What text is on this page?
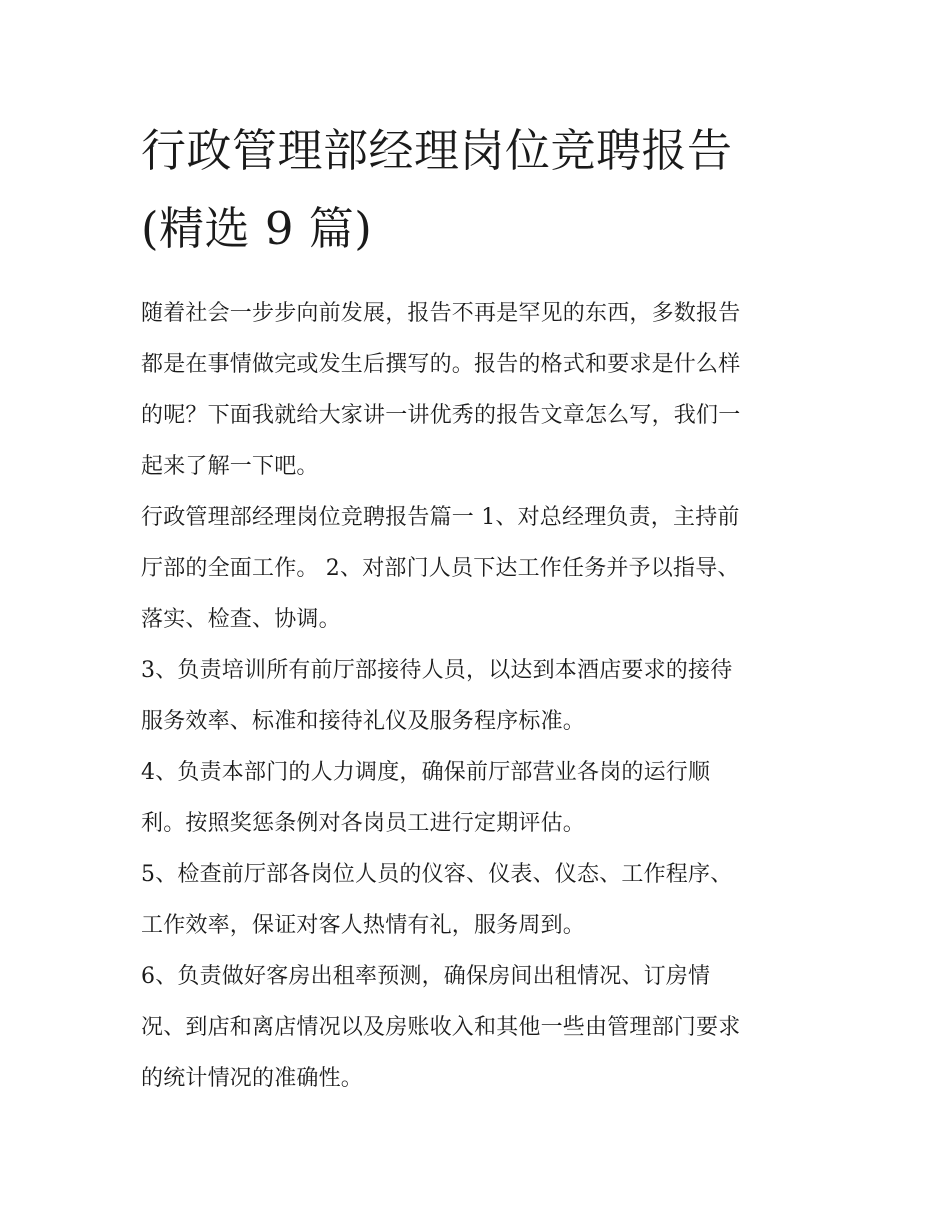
行政管理部经理岗位竞聘报告
(精选 9 篇)

随着社会一步步向前发展，报告不再是罕见的东西，多数报告
都是在事情做完或发生后撰写的。报告的格式和要求是什么样
的呢？下面我就给大家讲一讲优秀的报告文章怎么写，我们一
起来了解一下吧。

行政管理部经理岗位竞聘报告篇一 1、对总经理负责，主持前
厅部的全面工作。 2、对部门人员下达工作任务并予以指导、
落实、检查、协调。

3、负责培训所有前厅部接待人员，以达到本酒店要求的接待
服务效率、标准和接待礼仪及服务程序标准。

4、负责本部门的人力调度，确保前厅部营业各岗的运行顺
利。按照奖惩条例对各岗员工进行定期评估。

5、检查前厅部各岗位人员的仪容、仪表、仪态、工作程序、
工作效率，保证对客人热情有礼，服务周到。

6、负责做好客房出租率预测，确保房间出租情况、订房情
况、到店和离店情况以及房账收入和其他一些由管理部门要求
的统计情况的准确性。
